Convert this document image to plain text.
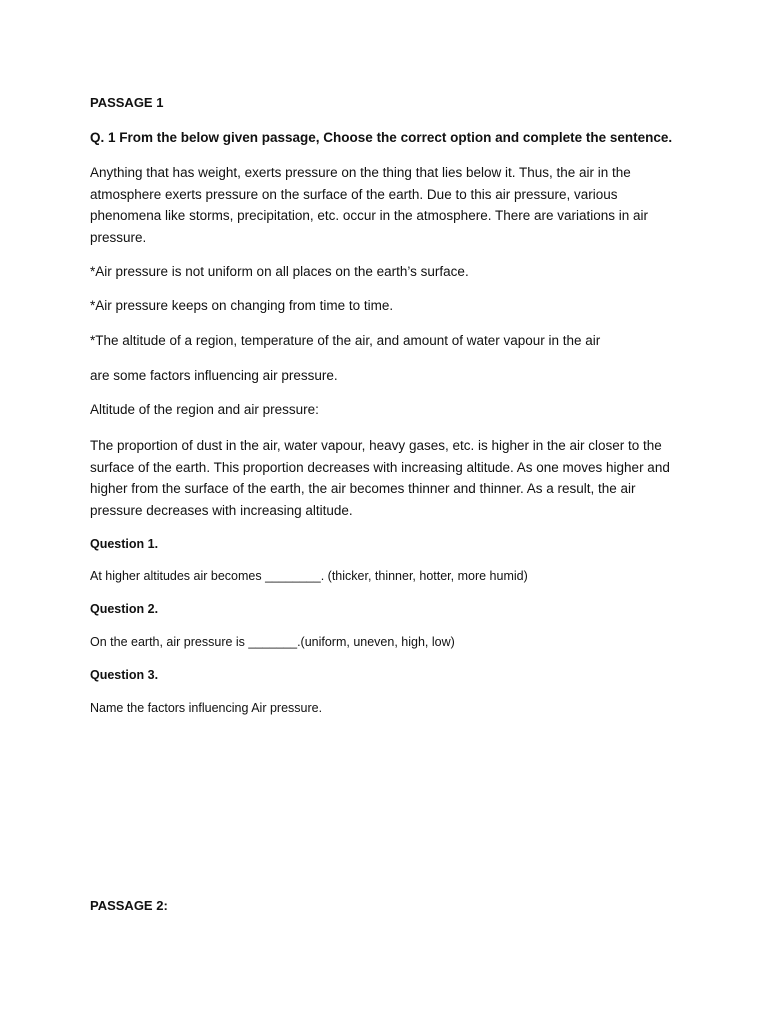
PASSAGE 1

Q. 1 From the below given passage, Choose the correct option and complete the sentence.

Anything that has weight, exerts pressure on the thing that lies below it. Thus, the air in the atmosphere exerts pressure on the surface of the earth. Due to this air pressure, various phenomena like storms, precipitation, etc. occur in the atmosphere. There are variations in air pressure.

*Air pressure is not uniform on all places on the earth’s surface.

*Air pressure keeps on changing from time to time.

*The altitude of a region, temperature of the air, and amount of water vapour in the air

are some factors influencing air pressure.

Altitude of the region and air pressure:

The proportion of dust in the air, water vapour, heavy gases, etc. is higher in the air closer to the surface of the earth. This proportion decreases with increasing altitude. As one moves higher and higher from the surface of the earth, the air becomes thinner and thinner. As a result, the air pressure decreases with increasing altitude.

Question 1.

At higher altitudes air becomes ________. (thicker, thinner, hotter, more humid)

Question 2.

On the earth, air pressure is _______.(uniform, uneven, high, low)

Question 3.

Name the factors influencing Air pressure.

PASSAGE 2:
